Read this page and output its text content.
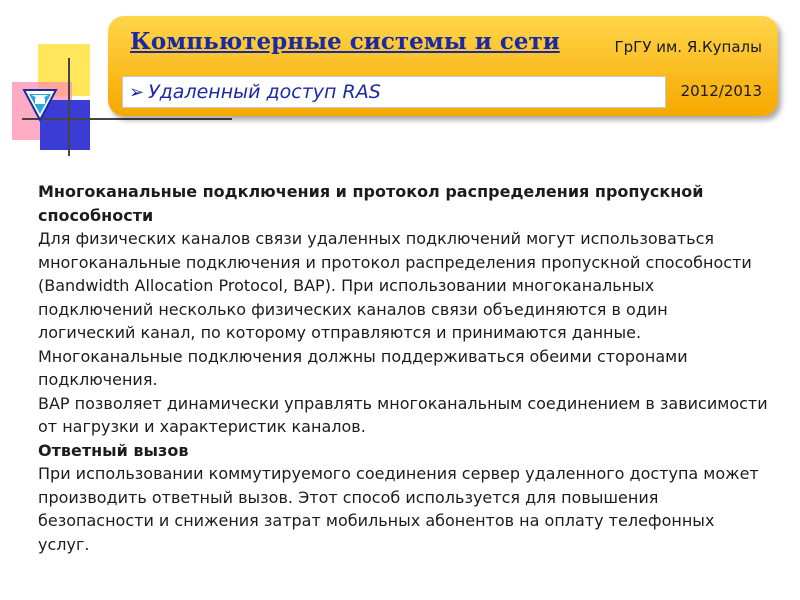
Компьютерные системы и сети	ГрГУ им. Я.Купалы
➢ Удаленный доступ RAS	2012/2013

Многоканальные подключения и протокол распределения пропускной способности

Для физических каналов связи удаленных подключений могут использоваться многоканальные подключения и протокол распределения пропускной способности (Bandwidth Allocation Protocol, BAP). При использовании многоканальных подключений несколько физических каналов связи объединяются в один логический канал, по которому отправляются и принимаются данные. Многоканальные подключения должны поддерживаться обеими сторонами подключения.

BAP позволяет динамически управлять многоканальным соединением в зависимости от нагрузки и характеристик каналов.

Ответный вызов

При использовании коммутируемого соединения сервер удаленного доступа может производить ответный вызов. Этот способ используется для повышения безопасности и снижения затрат мобильных абонентов на оплату телефонных услуг.
